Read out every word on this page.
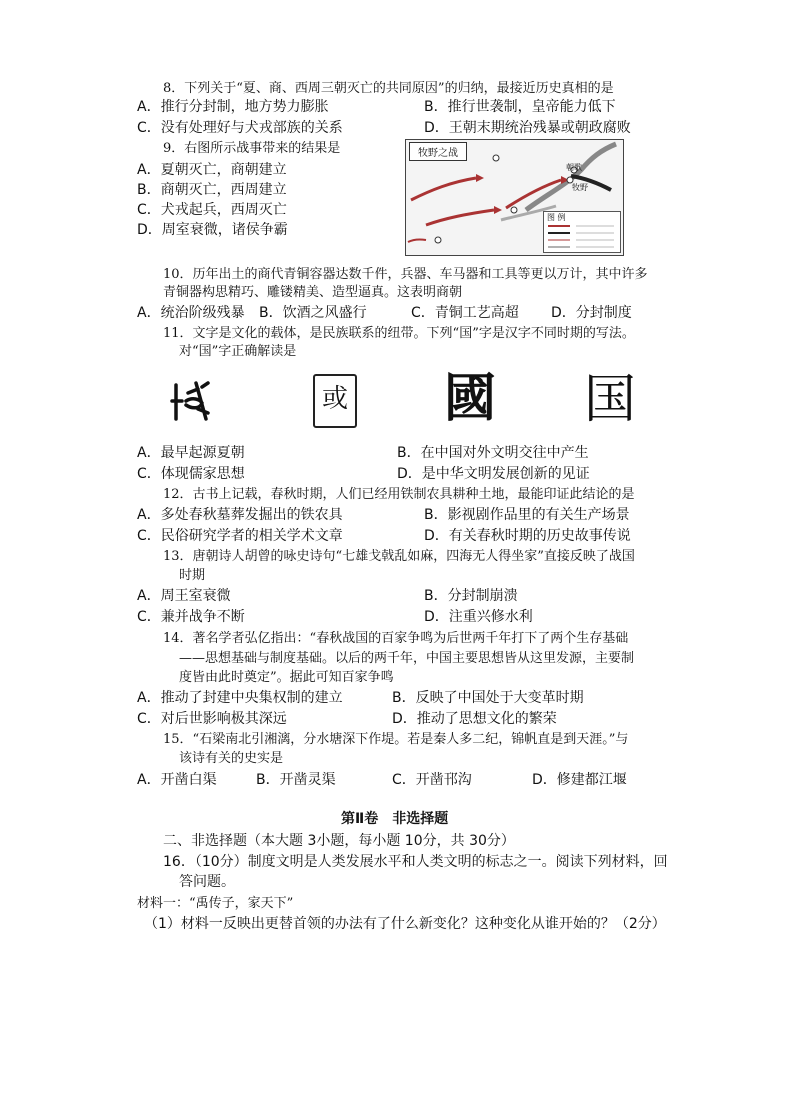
8．下列关于“夏、商、西周三朝灭亡的共同原因”的归纳，最接近历史真相的是
A．推行分封制，地方势力膨胀	B．推行世袭制，皇帝能力低下
C．没有处理好与犬戎部族的关系	D．王朝末期统治残暴或朝政腐败
9．右图所示战事带来的结果是
A．夏朝灭亡，商朝建立
B．商朝灭亡，西周建立
C．犬戎起兵，西周灭亡
D．周室衰微，诸侯争霸
牧野之战
朝歌
牧野
图 例
10．历年出土的商代青铜容器达数千件，兵器、车马器和工具等更以万计，其中许多
青铜器构思精巧、雕镂精美、造型逼真。这表明商朝
A．统治阶级残暴 B．饮酒之风盛行	C．青铜工艺高超 D．分封制度
11．文字是文化的载体，是民族联系的纽带。下列“国”字是汉字不同时期的写法。
对“国”字正确解读是
或 國 国
A．最早起源夏朝	B．在中国对外文明交往中产生
C．体现儒家思想	D．是中华文明发展创新的见证
12．古书上记载，春秋时期，人们已经用铁制农具耕种土地，最能印证此结论的是
A．多处春秋墓葬发掘出的铁农具	B．影视剧作品里的有关生产场景
C．民俗研究学者的相关学术文章	D．有关春秋时期的历史故事传说
13．唐朝诗人胡曾的咏史诗句“七雄戈戟乱如麻，四海无人得坐家”直接反映了战国
时期
A．周王室衰微	B．分封制崩溃
C．兼并战争不断	D．注重兴修水利
14．著名学者弘亿指出：“春秋战国的百家争鸣为后世两千年打下了两个生存基础
——思想基础与制度基础。以后的两千年，中国主要思想皆从这里发源，主要制
度皆由此时奠定”。据此可知百家争鸣
A．推动了封建中央集权制的建立	B．反映了中国处于大变革时期
C．对后世影响极其深远	D．推动了思想文化的繁荣
15．“石梁南北引湘漓，分水塘深下作堤。若是秦人多二纪，锦帆直是到天涯。”与
该诗有关的史实是
A．开凿白渠	B．开凿灵渠	C．开凿邗沟	D．修建都江堰
第Ⅱ卷　非选择题
二、非选择题（本大题 3小题，每小题 10分，共 30分）
16．（10分）制度文明是人类发展水平和人类文明的标志之一。阅读下列材料，回
答问题。
材料一：“禹传子，家天下”
（1）材料一反映出更替首领的办法有了什么新变化？这种变化从谁开始的？（2分）
